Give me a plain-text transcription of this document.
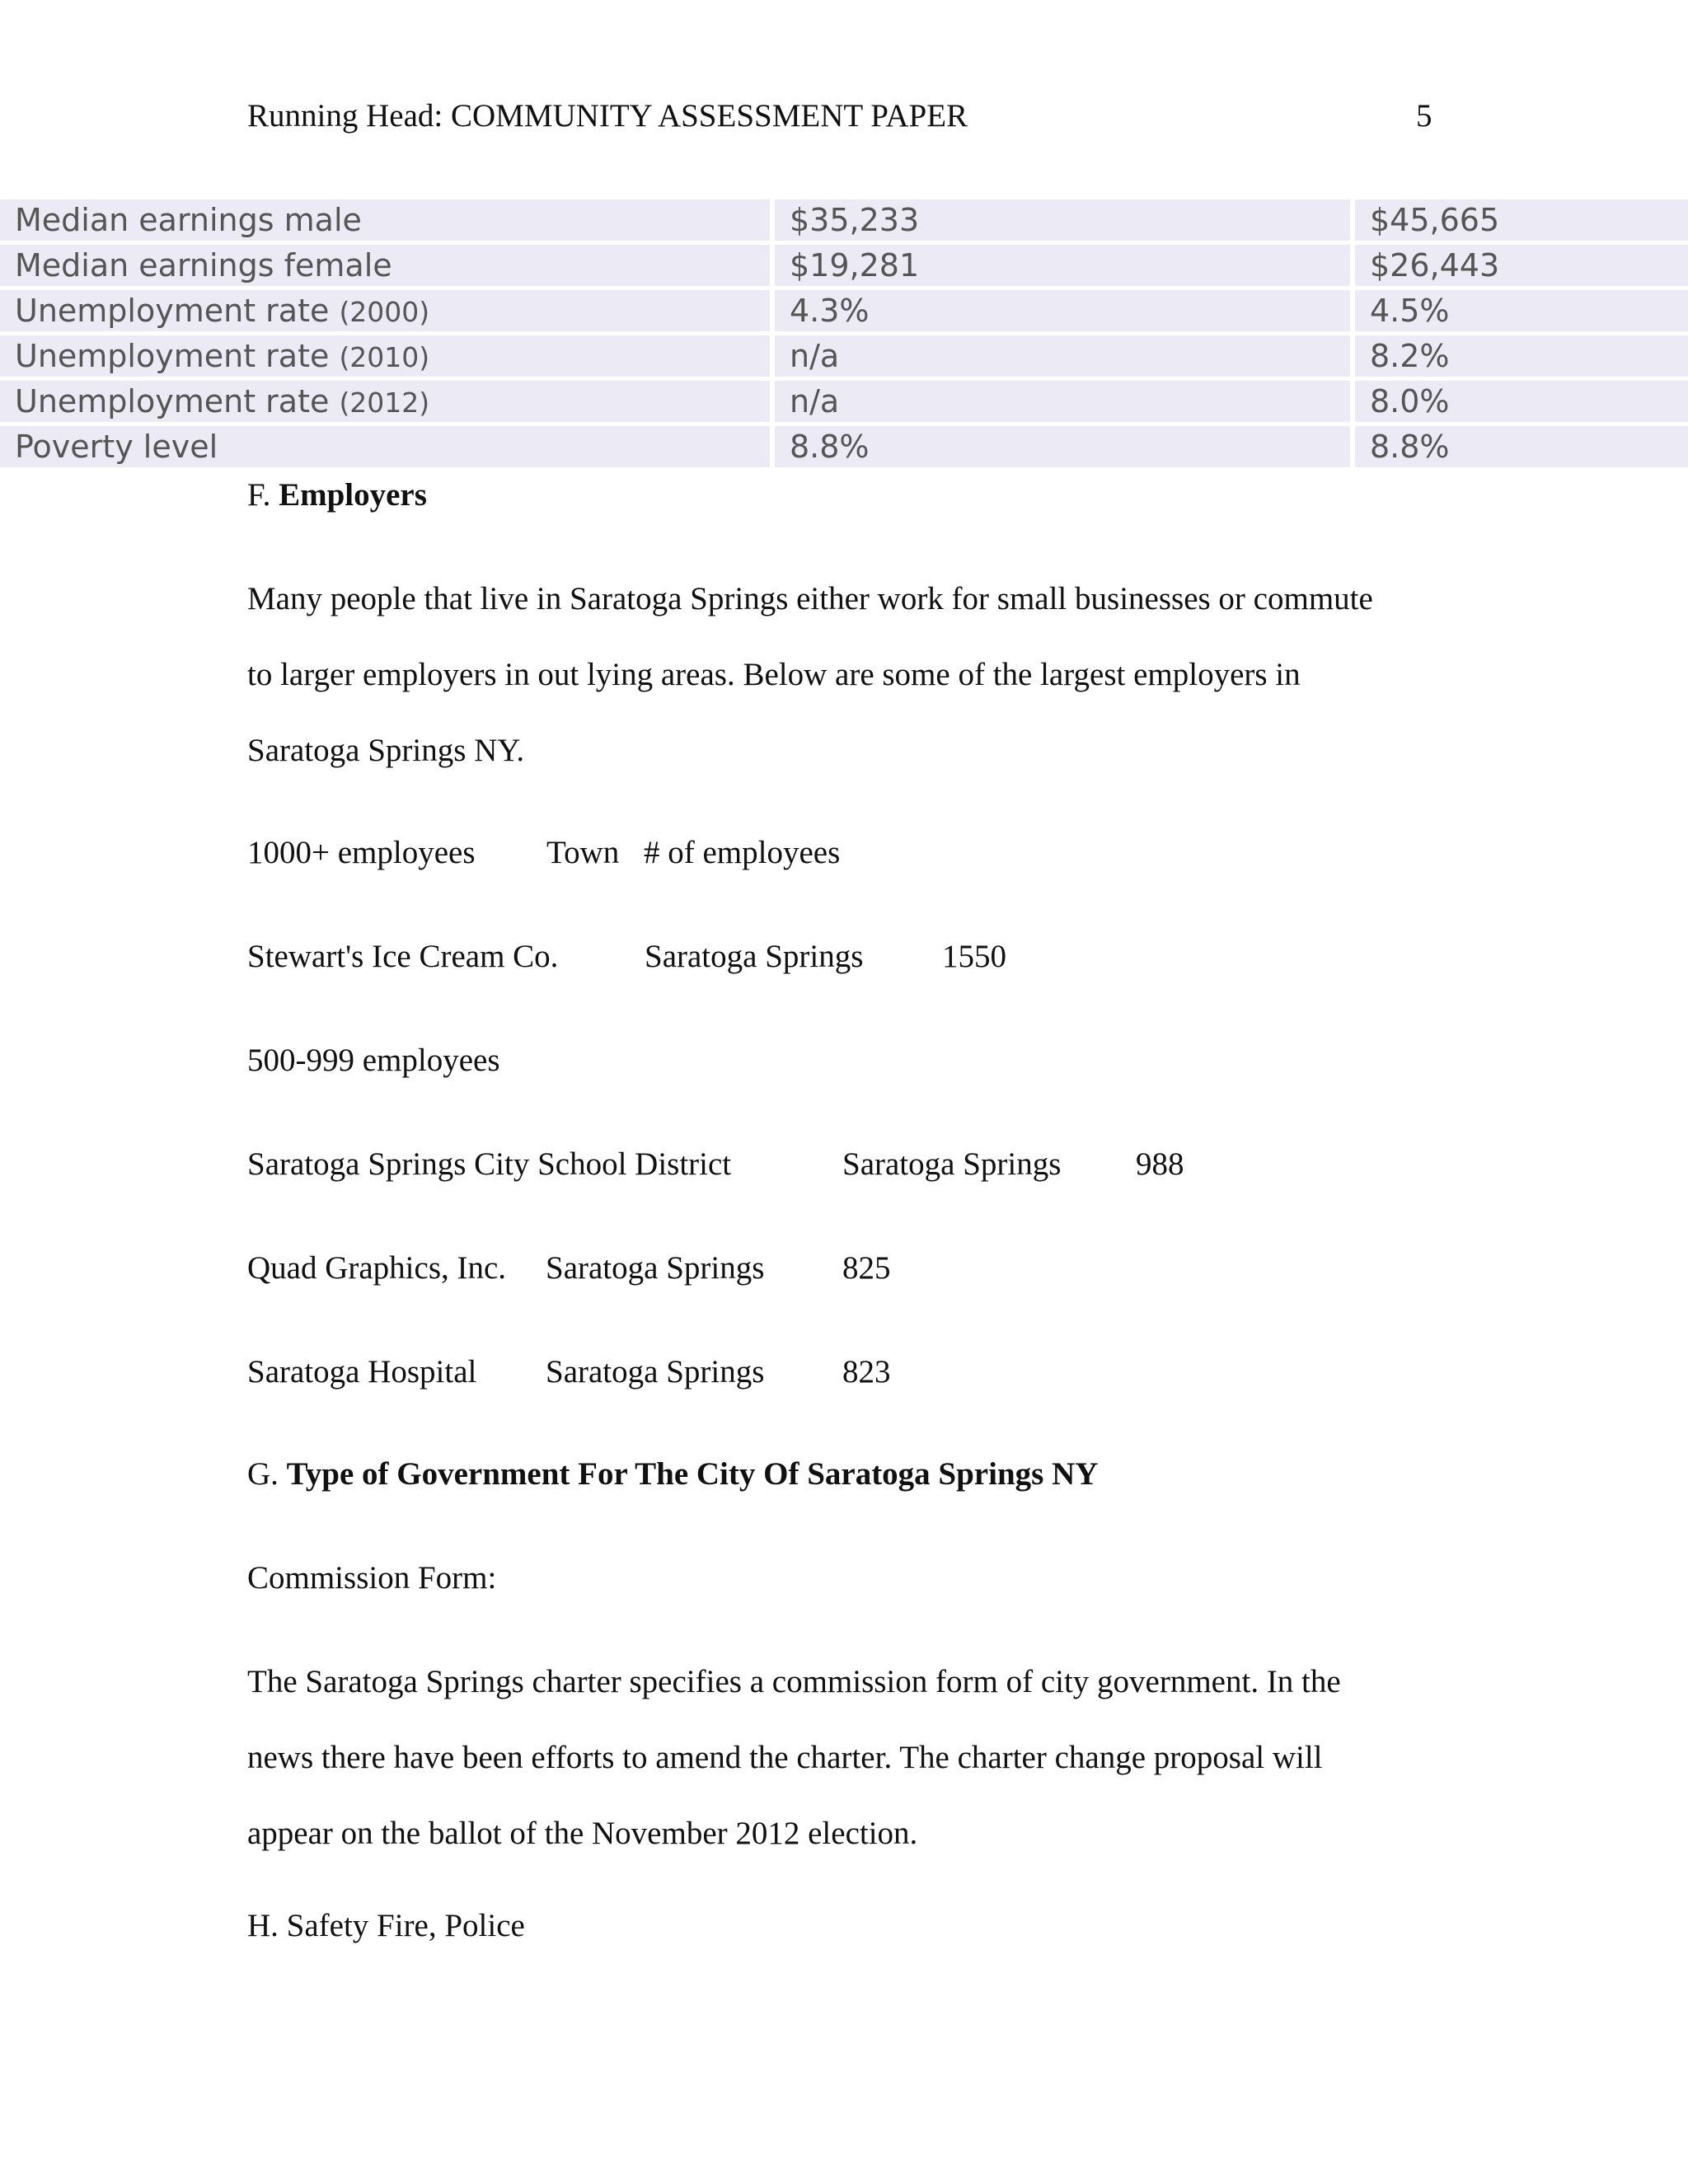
Running Head: COMMUNITY ASSESSMENT PAPER	5
Median earnings male	$35,233	$45,665
Median earnings female	$19,281	$26,443
Unemployment rate (2000)	4.3%	4.5%
Unemployment rate (2010)	n/a	8.2%
Unemployment rate (2012)	n/a	8.0%
Poverty level	8.8%	8.8%
F. Employers
Many people that live in Saratoga Springs either work for small businesses or commute
to larger employers in out lying areas. Below are some of the largest employers in
Saratoga Springs NY.
1000+ employees Town # of employees
Stewart's Ice Cream Co.	Saratoga Springs 1550
500-999 employees
Saratoga Springs City School District	Saratoga Springs 988
Quad Graphics, Inc. Saratoga Springs 825
Saratoga Hospital Saratoga Springs 823
G. Type of Government For The City Of Saratoga Springs NY
Commission Form:
The Saratoga Springs charter specifies a commission form of city government. In the
news there have been efforts to amend the charter. The charter change proposal will
appear on the ballot of the November 2012 election.
H. Safety Fire, Police
